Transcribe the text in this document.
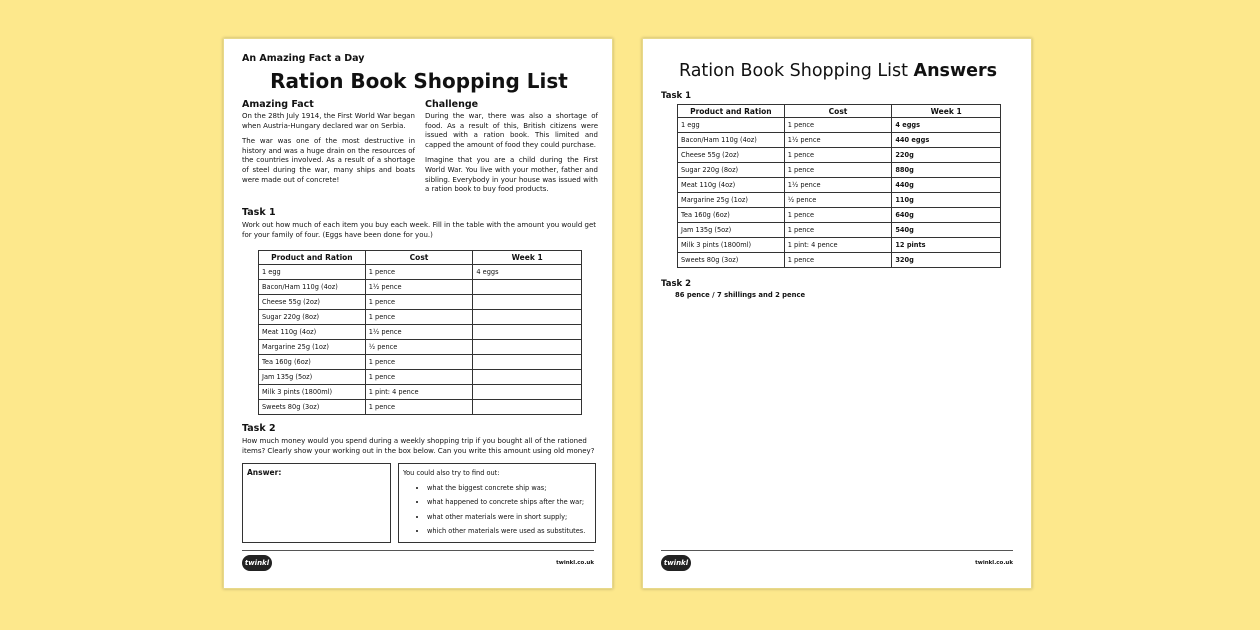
An Amazing Fact a Day
Ration Book Shopping List
Amazing Fact

On the 28th July 1914, the First World War began when Austria-Hungary declared war on Serbia.

The war was one of the most destructive in history and was a huge drain on the resources of the countries involved. As a result of a shortage of steel during the war, many ships and boats were made out of concrete!

Challenge

During the war, there was also a shortage of food. As a result of this, British citizens were issued with a ration book. This limited and capped the amount of food they could purchase.

Imagine that you are a child during the First World War. You live with your mother, father and sibling. Everybody in your house was issued with a ration book to buy food products.

Task 1
Work out how much of each item you buy each week. Fill in the table with the amount you would get for your family of four. (Eggs have been done for you.)
Product and Ration	Cost	Week 1
1 egg	1 pence	4 eggs
Bacon/Ham 110g (4oz)	1½ pence	
Cheese 55g (2oz)	1 pence	
Sugar 220g (8oz)	1 pence	
Meat 110g (4oz)	1½ pence	
Margarine 25g (1oz)	½ pence	
Tea 160g (6oz)	1 pence	
Jam 135g (5oz)	1 pence	
Milk 3 pints (1800ml)	1 pint: 4 pence	
Sweets 80g (3oz)	1 pence	
Task 2
How much money would you spend during a weekly shopping trip if you bought all of the rationed items? Clearly show your working out in the box below. Can you write this amount using old money?
Answer:	You could also try to find out:
• what the biggest concrete ship was;
• what happened to concrete ships after the war;
• what other materials were in short supply;
• which other materials were used as substitutes.
twinkl	twinkl.co.uk
Ration Book Shopping List Answers
Task 1
Product and Ration	Cost	Week 1
1 egg	1 pence	4 eggs
Bacon/Ham 110g (4oz)	1½ pence	440 eggs
Cheese 55g (2oz)	1 pence	220g
Sugar 220g (8oz)	1 pence	880g
Meat 110g (4oz)	1½ pence	440g
Margarine 25g (1oz)	½ pence	110g
Tea 160g (6oz)	1 pence	640g
Jam 135g (5oz)	1 pence	540g
Milk 3 pints (1800ml)	1 pint: 4 pence	12 pints
Sweets 80g (3oz)	1 pence	320g
Task 2
86 pence / 7 shillings and 2 pence
twinkl	twinkl.co.uk
